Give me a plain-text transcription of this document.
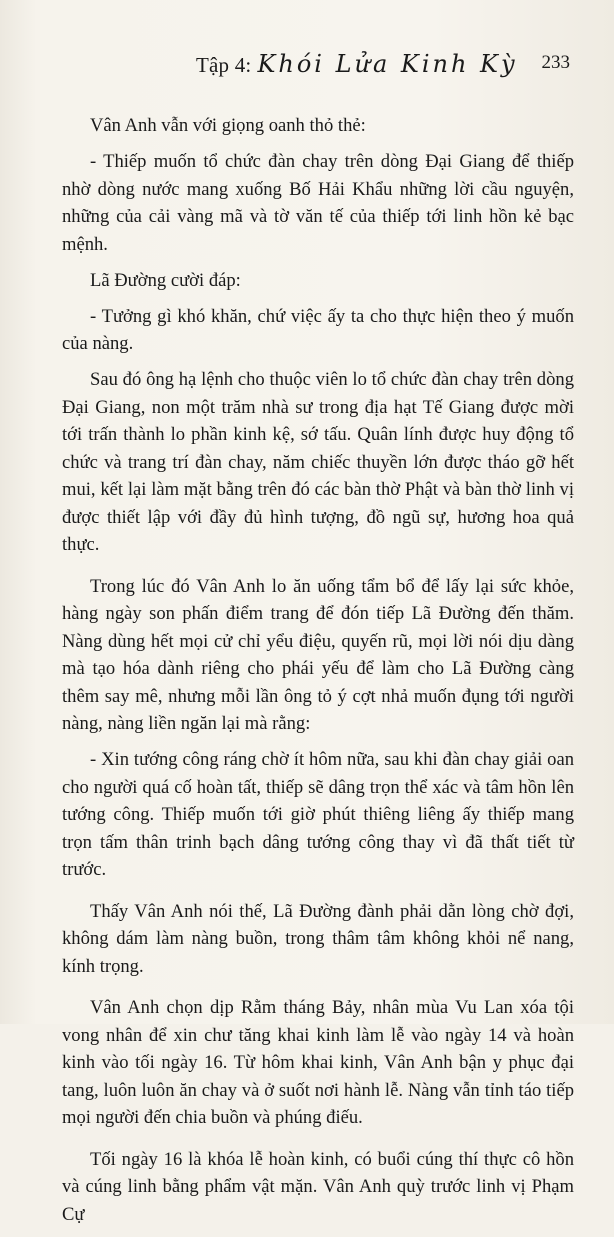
Tập 4: Khói Lửa Kinh Kỳ 233

Vân Anh vẫn với giọng oanh thỏ thẻ:

- Thiếp muốn tổ chức đàn chay trên dòng Đại Giang để thiếp nhờ dòng nước mang xuống Bố Hải Khẩu những lời cầu nguyện, những của cải vàng mã và tờ văn tế của thiếp tới linh hồn kẻ bạc mệnh.

Lã Đường cười đáp:

- Tưởng gì khó khăn, chứ việc ấy ta cho thực hiện theo ý muốn của nàng.

Sau đó ông hạ lệnh cho thuộc viên lo tổ chức đàn chay trên dòng Đại Giang, non một trăm nhà sư trong địa hạt Tế Giang được mời tới trấn thành lo phần kinh kệ, sớ tấu. Quân lính được huy động tổ chức và trang trí đàn chay, năm chiếc thuyền lớn được tháo gỡ hết mui, kết lại làm mặt bằng trên đó các bàn thờ Phật và bàn thờ linh vị được thiết lập với đầy đủ hình tượng, đồ ngũ sự, hương hoa quả thực.

Trong lúc đó Vân Anh lo ăn uống tẩm bổ để lấy lại sức khỏe, hàng ngày son phấn điểm trang để đón tiếp Lã Đường đến thăm. Nàng dùng hết mọi cử chỉ yểu điệu, quyến rũ, mọi lời nói dịu dàng mà tạo hóa dành riêng cho phái yếu để làm cho Lã Đường càng thêm say mê, nhưng mỗi lần ông tỏ ý cợt nhả muốn đụng tới người nàng, nàng liền ngăn lại mà rằng:

- Xin tướng công ráng chờ ít hôm nữa, sau khi đàn chay giải oan cho người quá cố hoàn tất, thiếp sẽ dâng trọn thể xác và tâm hồn lên tướng công. Thiếp muốn tới giờ phút thiêng liêng ấy thiếp mang trọn tấm thân trinh bạch dâng tướng công thay vì đã thất tiết từ trước.

Thấy Vân Anh nói thế, Lã Đường đành phải dằn lòng chờ đợi, không dám làm nàng buồn, trong thâm tâm không khỏi nể nang, kính trọng.

Vân Anh chọn dịp Rằm tháng Bảy, nhân mùa Vu Lan xóa tội vong nhân để xin chư tăng khai kinh làm lễ vào ngày 14 và hoàn kinh vào tối ngày 16. Từ hôm khai kinh, Vân Anh bận y phục đại tang, luôn luôn ăn chay và ở suốt nơi hành lễ. Nàng vẫn tỉnh táo tiếp mọi người đến chia buồn và phúng điếu.

Tối ngày 16 là khóa lễ hoàn kinh, có buổi cúng thí thực cô hồn và cúng linh bằng phẩm vật mặn. Vân Anh quỳ trước linh vị Phạm Cự
